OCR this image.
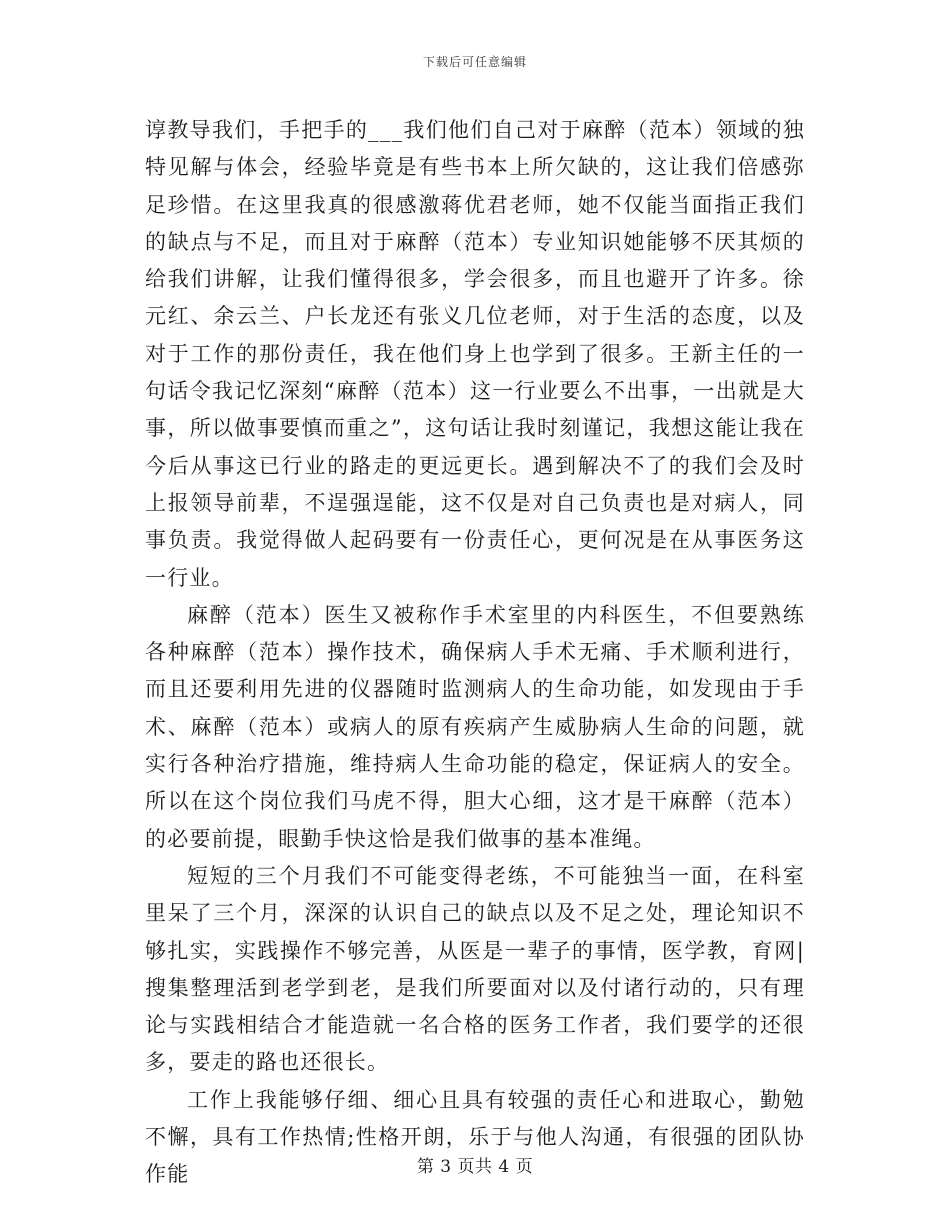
下载后可任意编辑

谆教导我们，手把手的___我们他们自己对于麻醉（范本）领域的独特见解与体会，经验毕竟是有些书本上所欠缺的，这让我们倍感弥足珍惜。在这里我真的很感激蒋优君老师，她不仅能当面指正我们的缺点与不足，而且对于麻醉（范本）专业知识她能够不厌其烦的给我们讲解，让我们懂得很多，学会很多，而且也避开了许多。徐元红、余云兰、户长龙还有张义几位老师，对于生活的态度，以及对于工作的那份责任，我在他们身上也学到了很多。王新主任的一句话令我记忆深刻“麻醉（范本）这一行业要么不出事，一出就是大事，所以做事要慎而重之”，这句话让我时刻谨记，我想这能让我在今后从事这已行业的路走的更远更长。遇到解决不了的我们会及时上报领导前辈，不逞强逞能，这不仅是对自己负责也是对病人，同事负责。我觉得做人起码要有一份责任心，更何况是在从事医务这一行业。

麻醉（范本）医生又被称作手术室里的内科医生，不但要熟练各种麻醉（范本）操作技术，确保病人手术无痛、手术顺利进行，而且还要利用先进的仪器随时监测病人的生命功能，如发现由于手术、麻醉（范本）或病人的原有疾病产生威胁病人生命的问题，就实行各种治疗措施，维持病人生命功能的稳定，保证病人的安全。所以在这个岗位我们马虎不得，胆大心细，这才是干麻醉（范本）的必要前提，眼勤手快这恰是我们做事的基本准绳。

短短的三个月我们不可能变得老练，不可能独当一面，在科室里呆了三个月，深深的认识自己的缺点以及不足之处，理论知识不够扎实，实践操作不够完善，从医是一辈子的事情，医学教，育网|搜集整理活到老学到老，是我们所要面对以及付诸行动的，只有理论与实践相结合才能造就一名合格的医务工作者，我们要学的还很多，要走的路也还很长。

工作上我能够仔细、细心且具有较强的责任心和进取心，勤勉不懈，具有工作热情;性格开朗，乐于与他人沟通，有很强的团队协作能	第 3 页共 4 页
